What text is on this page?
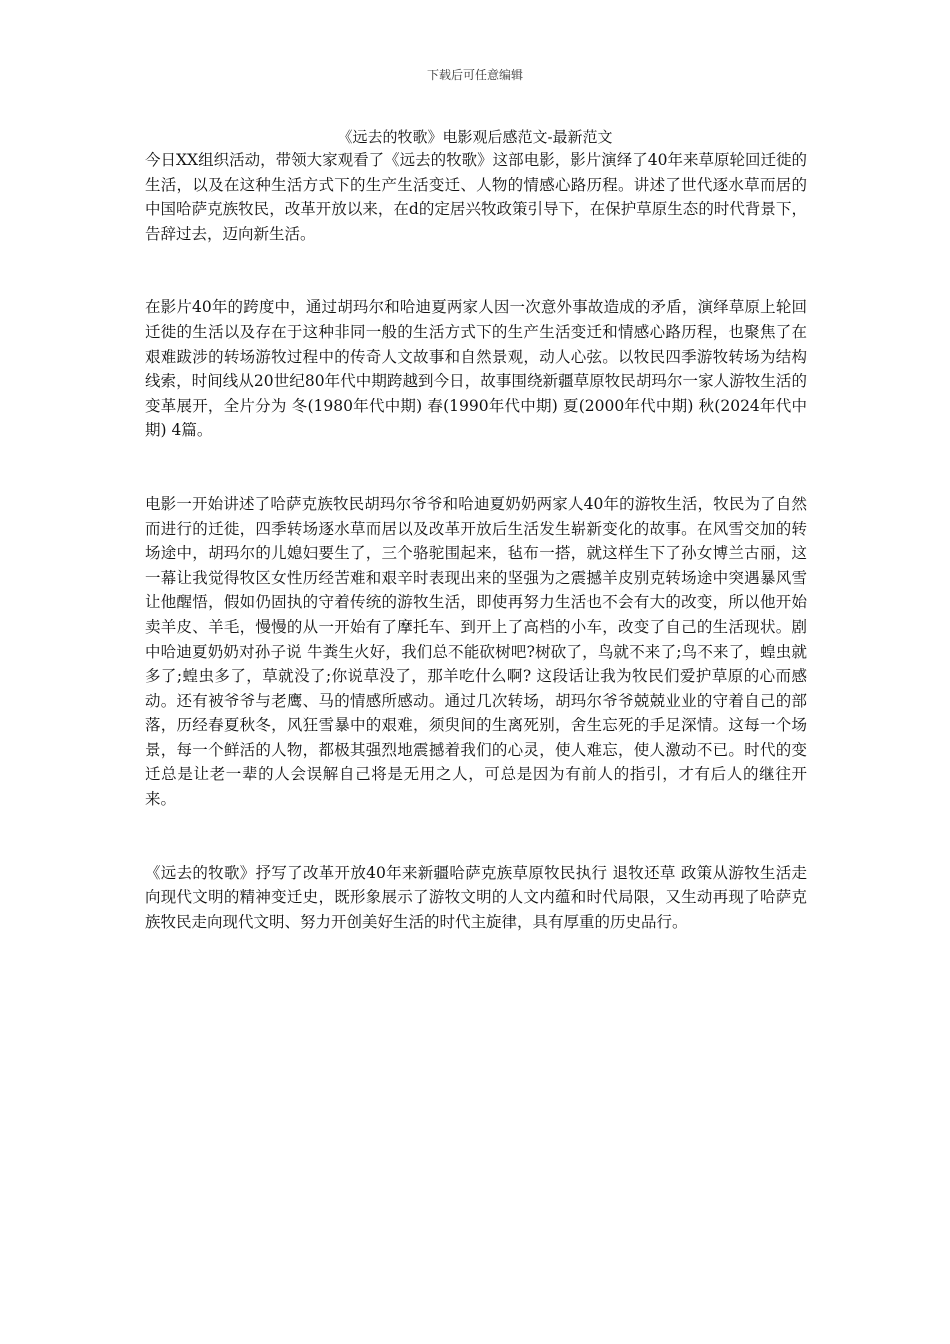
下载后可任意编辑
《远去的牧歌》电影观后感范文-最新范文

今日XX组织活动，带领大家观看了《远去的牧歌》这部电影，影片演绎了40年来草原轮回迁徙的生活，以及在这种生活方式下的生产生活变迁、人物的情感心路历程。讲述了世代逐水草而居的中国哈萨克族牧民，改革开放以来，在d的定居兴牧政策引导下，在保护草原生态的时代背景下，告辞过去，迈向新生活。

在影片40年的跨度中，通过胡玛尔和哈迪夏两家人因一次意外事故造成的矛盾，演绎草原上轮回迁徙的生活以及存在于这种非同一般的生活方式下的生产生活变迁和情感心路历程，也聚焦了在艰难跋涉的转场游牧过程中的传奇人文故事和自然景观，动人心弦。以牧民四季游牧转场为结构线索，时间线从20世纪80年代中期跨越到今日，故事围绕新疆草原牧民胡玛尔一家人游牧生活的变革展开，全片分为 冬(1980年代中期) 春(1990年代中期) 夏(2000年代中期) 秋(2024年代中期) 4篇。

电影一开始讲述了哈萨克族牧民胡玛尔爷爷和哈迪夏奶奶两家人40年的游牧生活，牧民为了自然而进行的迁徙，四季转场逐水草而居以及改革开放后生活发生崭新变化的故事。在风雪交加的转场途中，胡玛尔的儿媳妇要生了，三个骆驼围起来，毡布一搭，就这样生下了孙女博兰古丽，这一幕让我觉得牧区女性历经苦难和艰辛时表现出来的坚强为之震撼羊皮别克转场途中突遇暴风雪让他醒悟，假如仍固执的守着传统的游牧生活，即使再努力生活也不会有大的改变，所以他开始卖羊皮、羊毛，慢慢的从一开始有了摩托车、到开上了高档的小车，改变了自己的生活现状。剧中哈迪夏奶奶对孙子说 牛粪生火好，我们总不能砍树吧?树砍了，鸟就不来了;鸟不来了，蝗虫就多了;蝗虫多了，草就没了;你说草没了，那羊吃什么啊? 这段话让我为牧民们爱护草原的心而感动。还有被爷爷与老鹰、马的情感所感动。通过几次转场，胡玛尔爷爷兢兢业业的守着自己的部落，历经春夏秋冬，风狂雪暴中的艰难，须臾间的生离死别，舍生忘死的手足深情。这每一个场景，每一个鲜活的人物，都极其强烈地震撼着我们的心灵，使人难忘，使人激动不已。时代的变迁总是让老一辈的人会误解自己将是无用之人，可总是因为有前人的指引，才有后人的继往开来。

《远去的牧歌》抒写了改革开放40年来新疆哈萨克族草原牧民执行 退牧还草 政策从游牧生活走向现代文明的精神变迁史，既形象展示了游牧文明的人文内蕴和时代局限，又生动再现了哈萨克族牧民走向现代文明、努力开创美好生活的时代主旋律，具有厚重的历史品行。
